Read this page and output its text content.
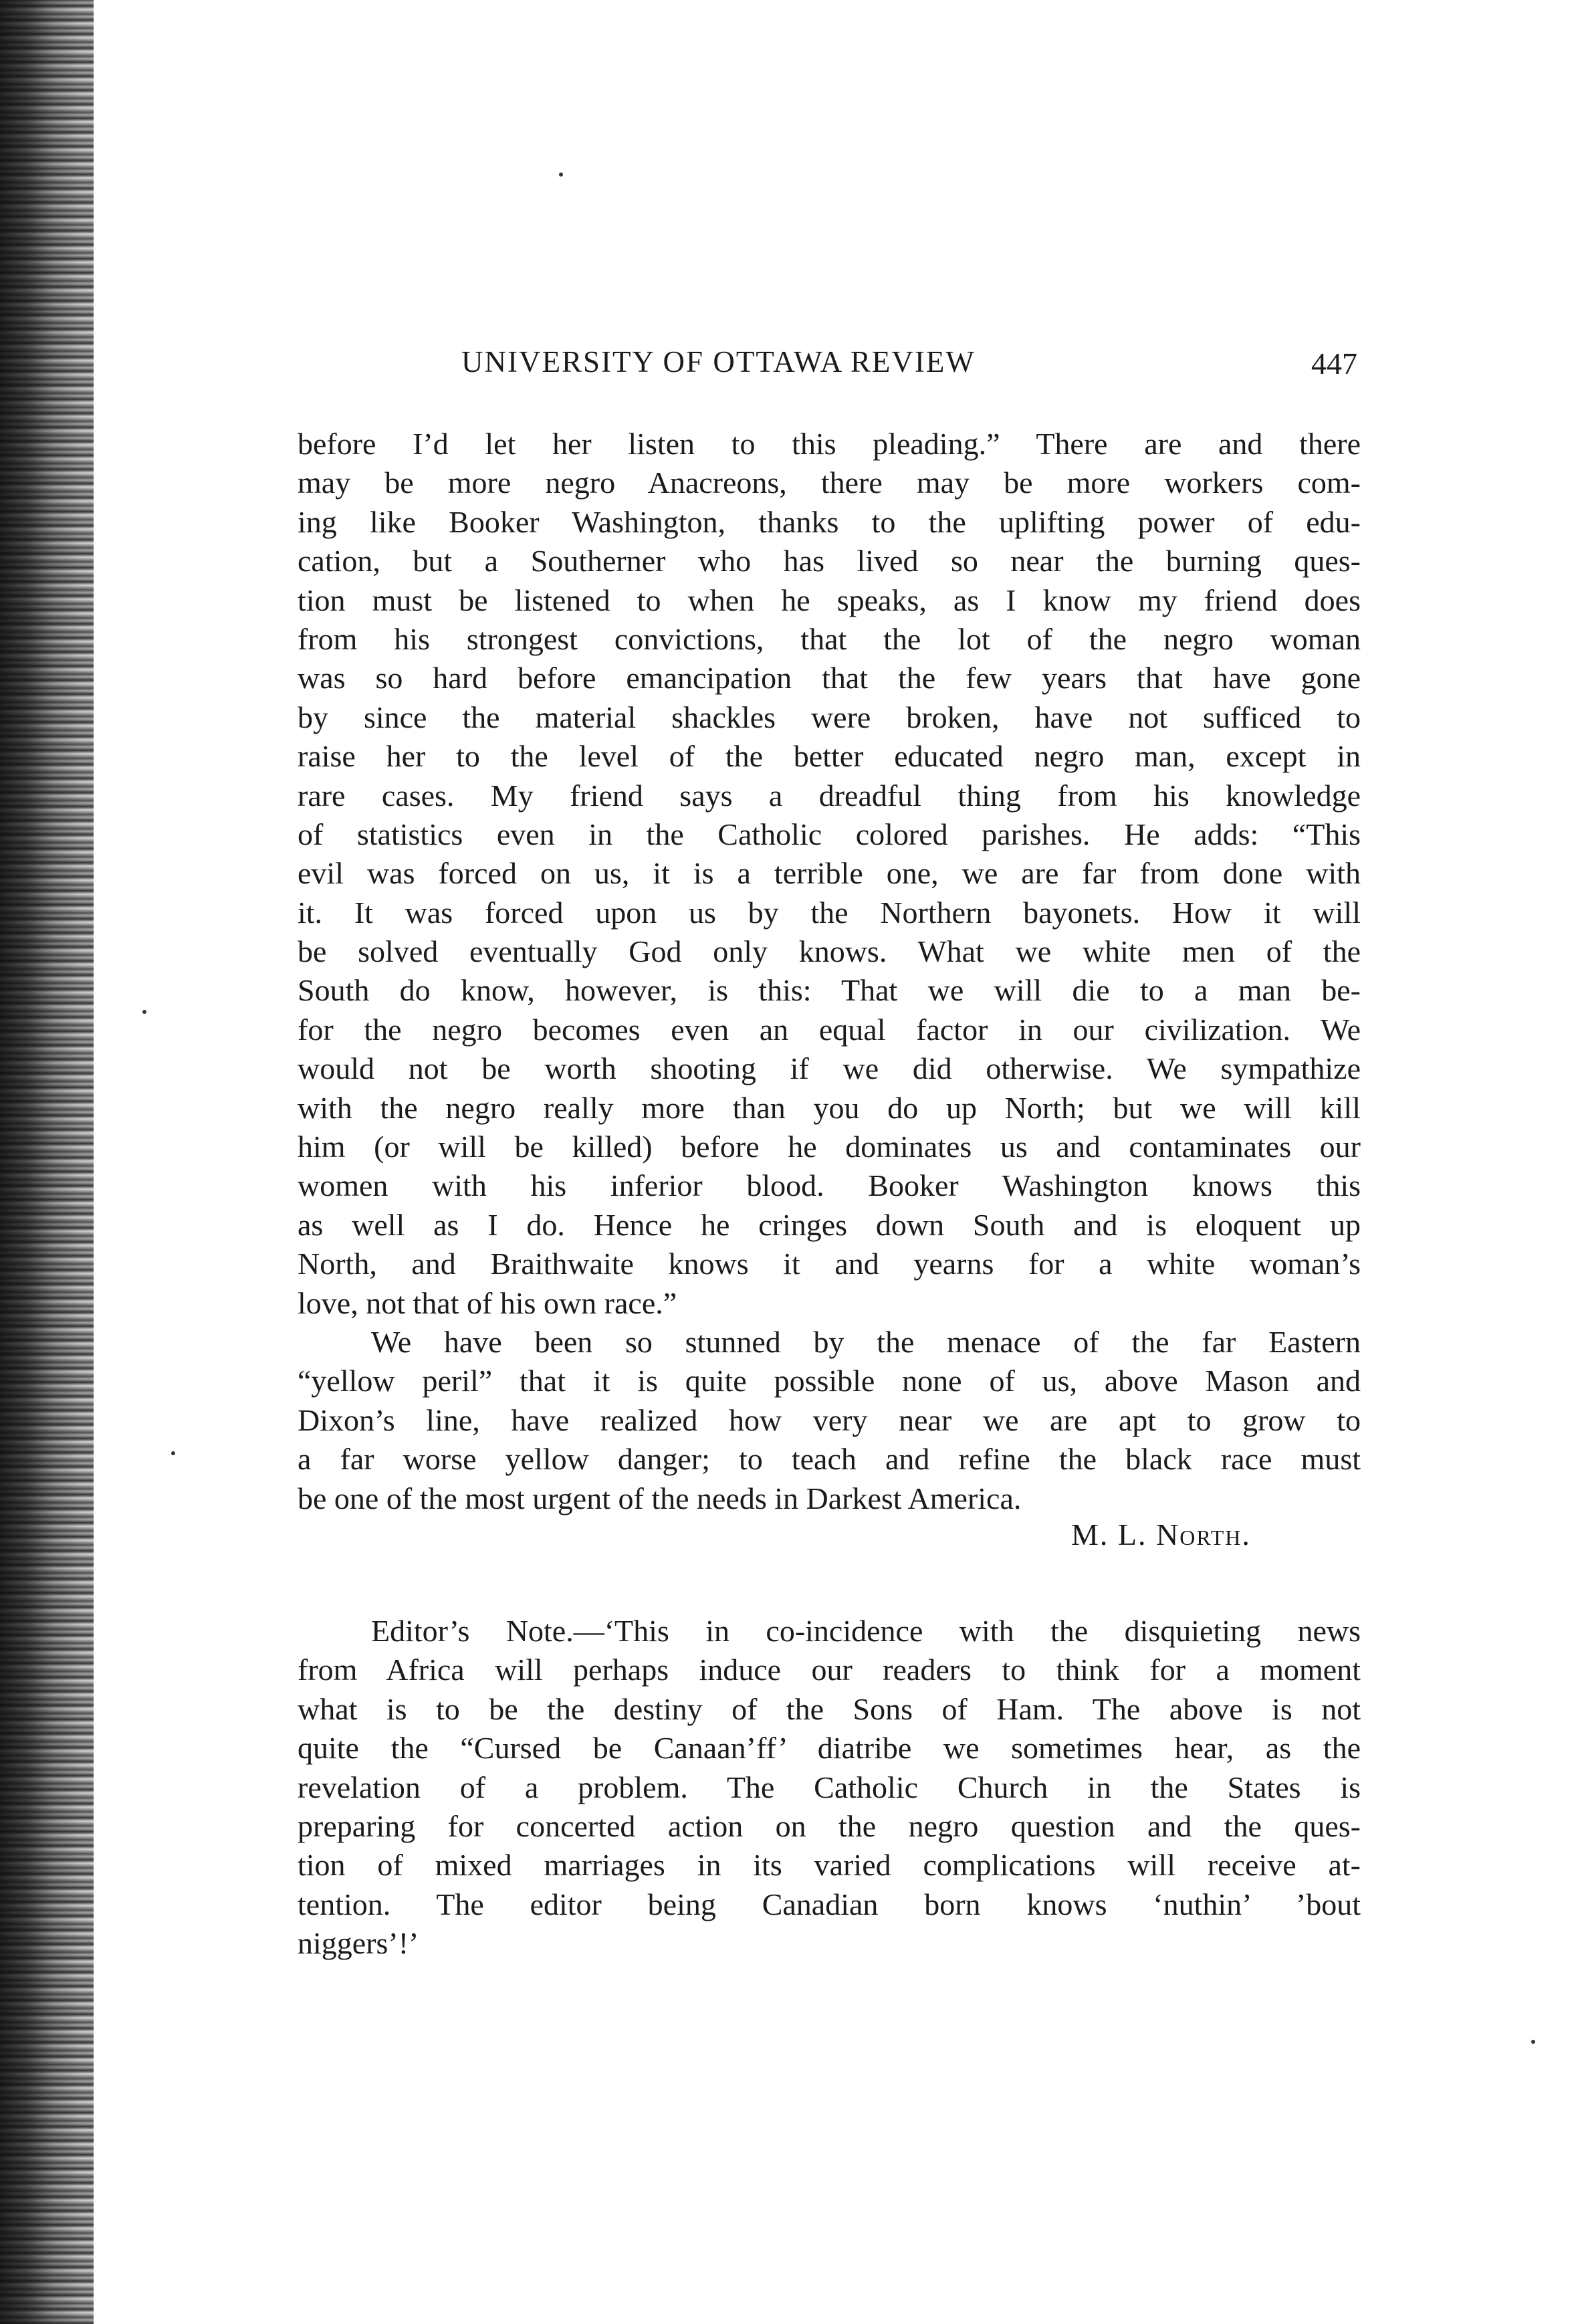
UNIVERSITY OF OTTAWA REVIEW	447
before I’d let her listen to this pleading.” There are and there
may be more negro Anacreons, there may be more workers com-
ing like Booker Washington, thanks to the uplifting power of edu-
cation, but a Southerner who has lived so near the burning ques-
tion must be listened to when he speaks, as I know my friend does
from his strongest convictions, that the lot of the negro woman
was so hard before emancipation that the few years that have gone
by since the material shackles were broken, have not sufficed to
raise her to the level of the better educated negro man, except in
rare cases. My friend says a dreadful thing from his knowledge
of statistics even in the Catholic colored parishes. He adds: “This
evil was forced on us, it is a terrible one, we are far from done with
it. It was forced upon us by the Northern bayonets. How it will
be solved eventually God only knows. What we white men of the
South do know, however, is this: That we will die to a man be-
for the negro becomes even an equal factor in our civilization. We
would not be worth shooting if we did otherwise. We sympathize
with the negro really more than you do up North; but we will kill
him (or will be killed) before he dominates us and contaminates our
women with his inferior blood. Booker Washington knows this
as well as I do. Hence he cringes down South and is eloquent up
North, and Braithwaite knows it and yearns for a white woman’s
love, not that of his own race.”
We have been so stunned by the menace of the far Eastern
“yellow peril” that it is quite possible none of us, above Mason and
Dixon’s line, have realized how very near we are apt to grow to
a far worse yellow danger; to teach and refine the black race must
be one of the most urgent of the needs in Darkest America.
M. L. North.
Editor’s Note.—‘This in co-incidence with the disquieting news
from Africa will perhaps induce our readers to think for a moment
what is to be the destiny of the Sons of Ham. The above is not
quite the “Cursed be Canaan’ff’ diatribe we sometimes hear, as the
revelation of a problem. The Catholic Church in the States is
preparing for concerted action on the negro question and the ques-
tion of mixed marriages in its varied complications will receive at-
tention. The editor being Canadian born knows ‘nuthin’ ’bout
niggers’!’
